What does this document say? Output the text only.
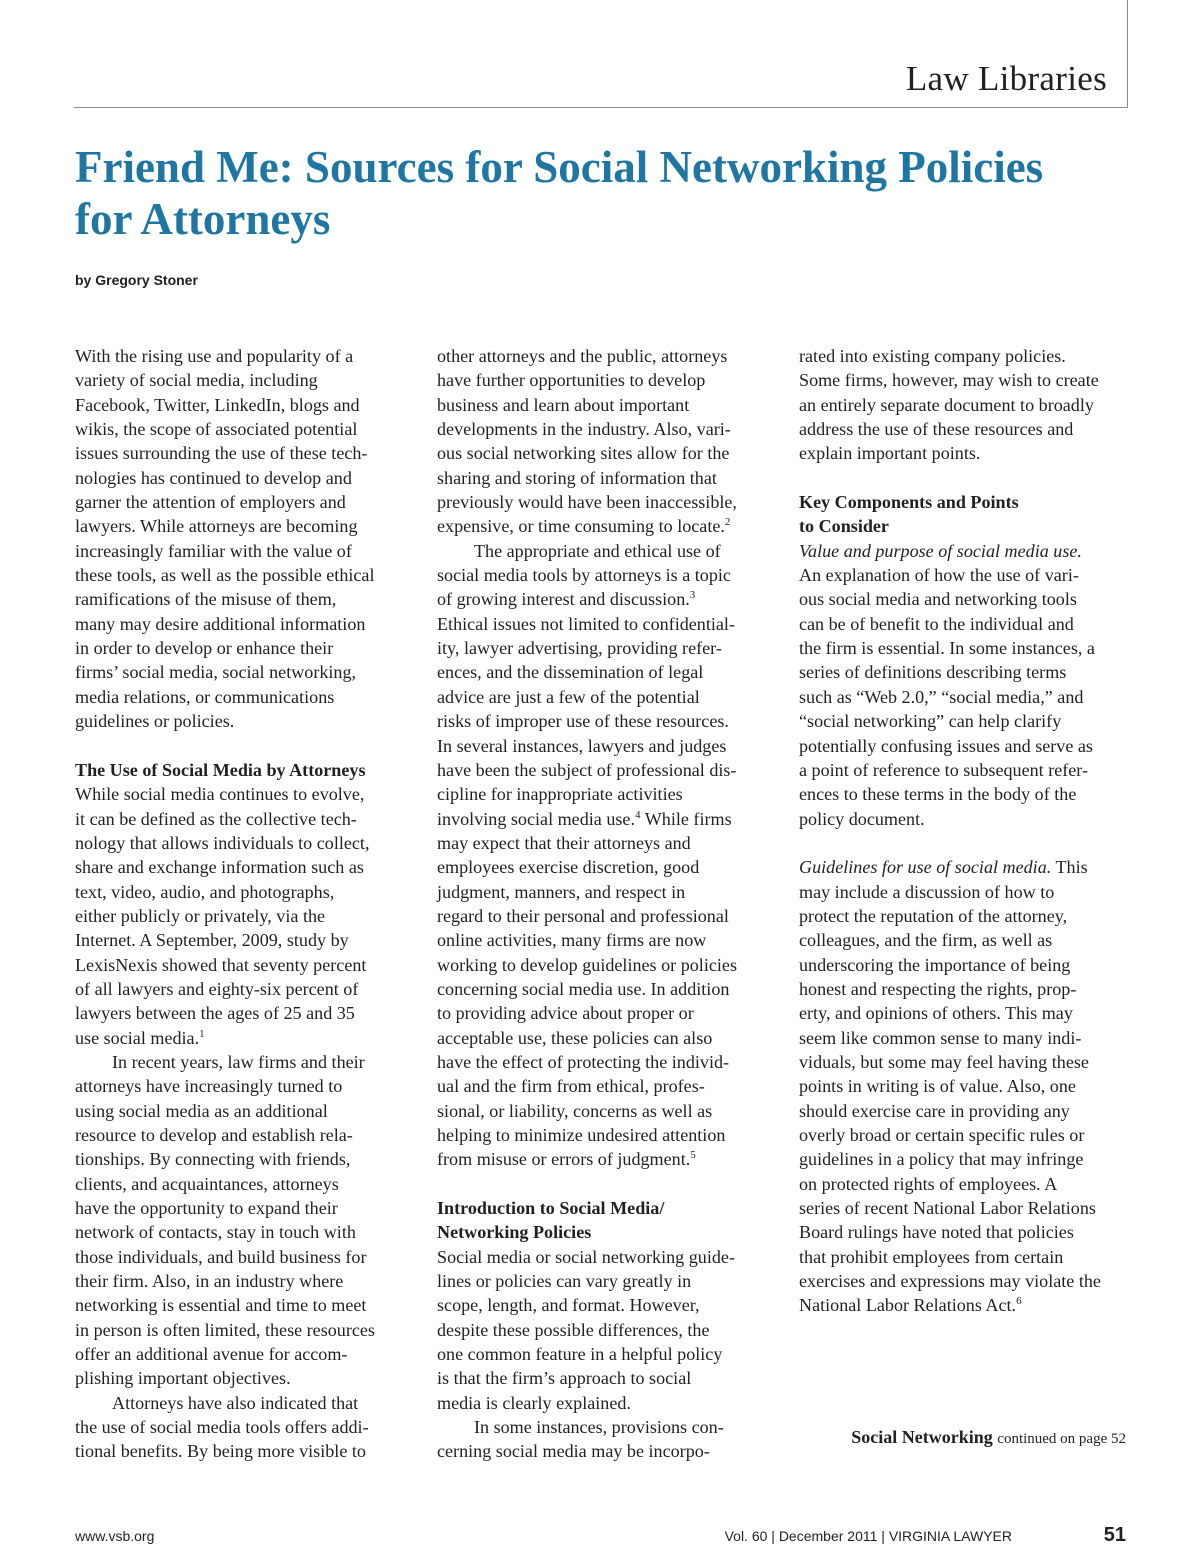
Law Libraries
Friend Me: Sources for Social Networking Policies
for Attorneys
by Gregory Stoner
With the rising use and popularity of a
variety of social media, including
Facebook, Twitter, LinkedIn, blogs and
wikis, the scope of associated potential
issues surrounding the use of these tech-
nologies has continued to develop and
garner the attention of employers and
lawyers. While attorneys are becoming
increasingly familiar with the value of
these tools, as well as the possible ethical
ramifications of the misuse of them,
many may desire additional information
in order to develop or enhance their
firms’ social media, social networking,
media relations, or communications
guidelines or policies.
The Use of Social Media by Attorneys
While social media continues to evolve,
it can be defined as the collective tech-
nology that allows individuals to collect,
share and exchange information such as
text, video, audio, and photographs,
either publicly or privately, via the
Internet. A September, 2009, study by
LexisNexis showed that seventy percent
of all lawyers and eighty-six percent of
lawyers between the ages of 25 and 35
use social media.$^1$
In recent years, law firms and their
attorneys have increasingly turned to
using social media as an additional
resource to develop and establish rela-
tionships. By connecting with friends,
clients, and acquaintances, attorneys
have the opportunity to expand their
network of contacts, stay in touch with
those individuals, and build business for
their firm. Also, in an industry where
networking is essential and time to meet
in person is often limited, these resources
offer an additional avenue for accom-
plishing important objectives.
Attorneys have also indicated that
the use of social media tools offers addi-
tional benefits. By being more visible to
other attorneys and the public, attorneys
have further opportunities to develop
business and learn about important
developments in the industry. Also, vari-
ous social networking sites allow for the
sharing and storing of information that
previously would have been inaccessible,
expensive, or time consuming to locate.$^2$
The appropriate and ethical use of
social media tools by attorneys is a topic
of growing interest and discussion.$^3$
Ethical issues not limited to confidential-
ity, lawyer advertising, providing refer-
ences, and the dissemination of legal
advice are just a few of the potential
risks of improper use of these resources.
In several instances, lawyers and judges
have been the subject of professional dis-
cipline for inappropriate activities
involving social media use.$^4$ While firms
may expect that their attorneys and
employees exercise discretion, good
judgment, manners, and respect in
regard to their personal and professional
online activities, many firms are now
working to develop guidelines or policies
concerning social media use. In addition
to providing advice about proper or
acceptable use, these policies can also
have the effect of protecting the individ-
ual and the firm from ethical, profes-
sional, or liability, concerns as well as
helping to minimize undesired attention
from misuse or errors of judgment.$^5$
Introduction to Social Media/
Networking Policies
Social media or social networking guide-
lines or policies can vary greatly in
scope, length, and format. However,
despite these possible differences, the
one common feature in a helpful policy
is that the firm’s approach to social
media is clearly explained.
In some instances, provisions con-
cerning social media may be incorpo-
rated into existing company policies.
Some firms, however, may wish to create
an entirely separate document to broadly
address the use of these resources and
explain important points.
Key Components and Points
to Consider
Value and purpose of social media use.
An explanation of how the use of vari-
ous social media and networking tools
can be of benefit to the individual and
the firm is essential. In some instances, a
series of definitions describing terms
such as “Web 2.0,” “social media,” and
“social networking” can help clarify
potentially confusing issues and serve as
a point of reference to subsequent refer-
ences to these terms in the body of the
policy document.
Guidelines for use of social media. This
may include a discussion of how to
protect the reputation of the attorney,
colleagues, and the firm, as well as
underscoring the importance of being
honest and respecting the rights, prop-
erty, and opinions of others. This may
seem like common sense to many indi-
viduals, but some may feel having these
points in writing is of value. Also, one
should exercise care in providing any
overly broad or certain specific rules or
guidelines in a policy that may infringe
on protected rights of employees. A
series of recent National Labor Relations
Board rulings have noted that policies
that prohibit employees from certain
exercises and expressions may violate the
National Labor Relations Act.$^6$
Social Networking continued on page 52
www.vsb.org	Vol. 60 | December 2011 | VIRGINIA LAWYER	51
